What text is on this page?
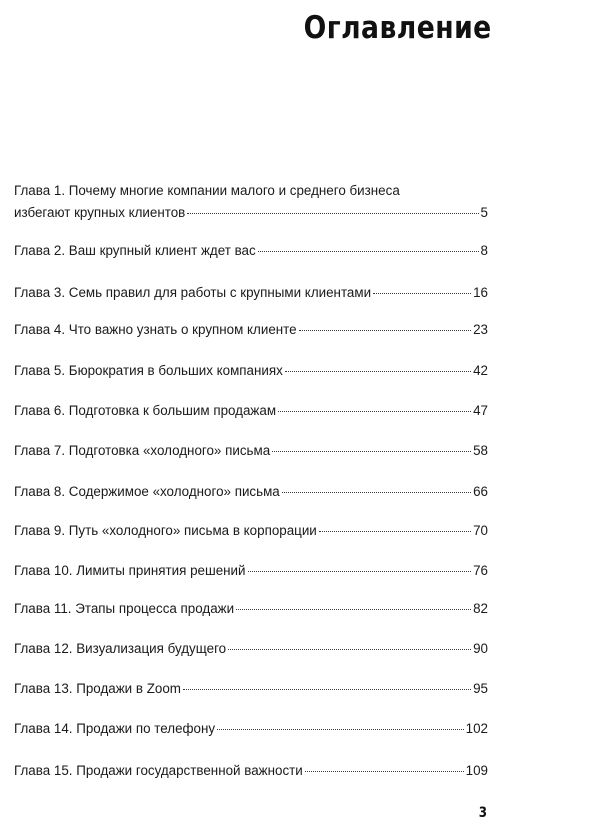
Оглавление
Глава 1. Почему многие компании малого и среднего бизнеса
избегают крупных клиентов	5
Глава 2. Ваш крупный клиент ждет вас	8
Глава 3. Семь правил для работы с крупными клиентами	16
Глава 4. Что важно узнать о крупном клиенте	23
Глава 5. Бюрократия в больших компаниях	42
Глава 6. Подготовка к большим продажам	47
Глава 7. Подготовка «холодного» письма	58
Глава 8. Содержимое «холодного» письма	66
Глава 9. Путь «холодного» письма в корпорации	70
Глава 10. Лимиты принятия решений	76
Глава 11. Этапы процесса продажи	82
Глава 12. Визуализация будущего	90
Глава 13. Продажи в Zoom	95
Глава 14. Продажи по телефону	102
Глава 15. Продажи государственной важности	109
3
